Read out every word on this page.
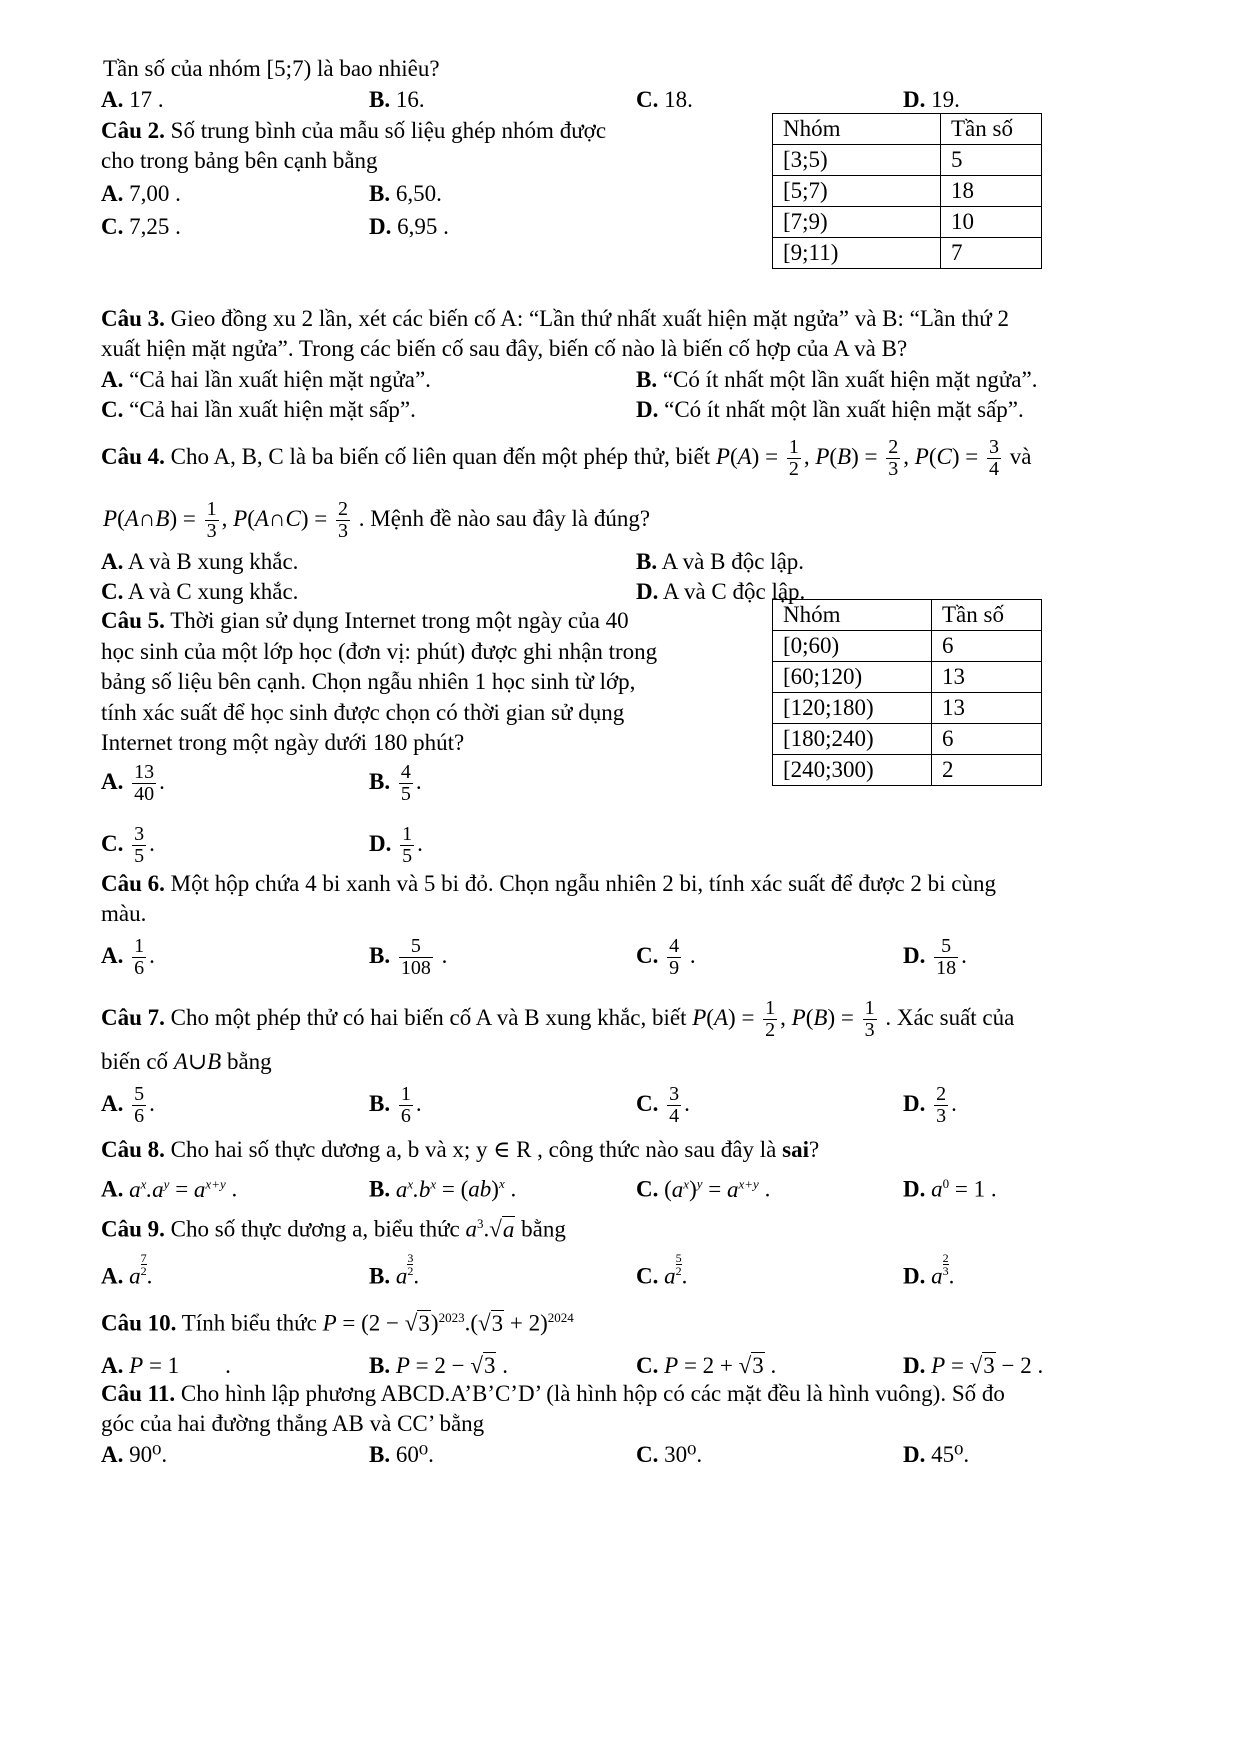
Tần số của nhóm [5;7) là bao nhiêu?
A. 17 .	B. 16.	C. 18.	D. 19.
Câu 2. Số trung bình của mẫu số liệu ghép nhóm được
cho trong bảng bên cạnh bằng
A. 7,00 .	B. 6,50.
C. 7,25 .	D. 6,95 .
Nhóm	Tần số
[3;5)	5
[5;7)	18
[7;9)	10
[9;11)	7
Câu 3. Gieo đồng xu 2 lần, xét các biến cố A: “Lần thứ nhất xuất hiện mặt ngửa” và B: “Lần thứ 2
xuất hiện mặt ngửa”. Trong các biến cố sau đây, biến cố nào là biến cố hợp của A và B?
A. “Cả hai lần xuất hiện mặt ngửa”.	B. “Có ít nhất một lần xuất hiện mặt ngửa”.
C. “Cả hai lần xuất hiện mặt sấp”.	D. “Có ít nhất một lần xuất hiện mặt sấp”.
Câu 4. Cho A, B, C là ba biến cố liên quan đến một phép thử, biết $P(A) = \frac{1}{2}$ , $P(B) = \frac{2}{3}$ , $P(C) = \frac{3}{4}$ và
P(A∩B) = $\frac{1}{3}$ , P(A∩C) = $\frac{2}{3}$ . Mệnh đề nào sau đây là đúng?
A. A và B xung khắc.	B. A và B độc lập.
C. A và C xung khắc.	D. A và C độc lập.
Câu 5. Thời gian sử dụng Internet trong một ngày của 40
học sinh của một lớp học (đơn vị: phút) được ghi nhận trong
bảng số liệu bên cạnh. Chọn ngẫu nhiên 1 học sinh từ lớp,
tính xác suất để học sinh được chọn có thời gian sử dụng
Internet trong một ngày dưới 180 phút?
A. $\frac{13}{40}$ .	B. $\frac{4}{5}$ .
C. $\frac{3}{5}$ .	D. $\frac{1}{5}$ .
Nhóm	Tần số
[0;60)	6
[60;120)	13
[120;180)	13
[180;240)	6
[240;300)	2
Câu 6. Một hộp chứa 4 bi xanh và 5 bi đỏ. Chọn ngẫu nhiên 2 bi, tính xác suất để được 2 bi cùng
màu.
A. $\frac{1}{6}$ .	B. $\frac{5}{108}$ .	C. $\frac{4}{9}$ .	D. $\frac{5}{18}$ .
Câu 7. Cho một phép thử có hai biến cố A và B xung khắc, biết $P(A) = \frac{1}{2}$ , $P(B) = \frac{1}{3}$ . Xác suất của
biến cố A∪B bằng
A. $\frac{5}{6}$ .	B. $\frac{1}{6}$ .	C. $\frac{3}{4}$ .	D. $\frac{2}{3}$ .
Câu 8. Cho hai số thực dương a, b và x; y ∈ R , công thức nào sau đây là sai?
A. $a^x.a^y = a^{x+y}$ .	B. $a^x.b^x = (ab)^x$ .	C. $(a^x)^y = a^{x+y}$ .	D. $a^0 = 1$ .
Câu 9. Cho số thực dương a, biểu thức $a^3.√a$ bằng
A. a $\frac{7}{2}$ .	B. a $\frac{3}{2}$ .	C. a $\frac{5}{2}$ .	D. a $\frac{2}{3}$ .
Câu 10. Tính biểu thức $P = (2 - √3)^{2023}.(√3 + 2)^{2024}$
A. P = 1        .	B. P = 2 − √3 .	C. P = 2 + √3 .	D. P = √3 − 2 .
Câu 11. Cho hình lập phương ABCD.A’B’C’D’ (là hình hộp có các mặt đều là hình vuông). Số đo
góc của hai đường thẳng AB và CC’ bằng
A. 90⁰.	B. 60⁰.	C. 30⁰.	D. 45⁰.
